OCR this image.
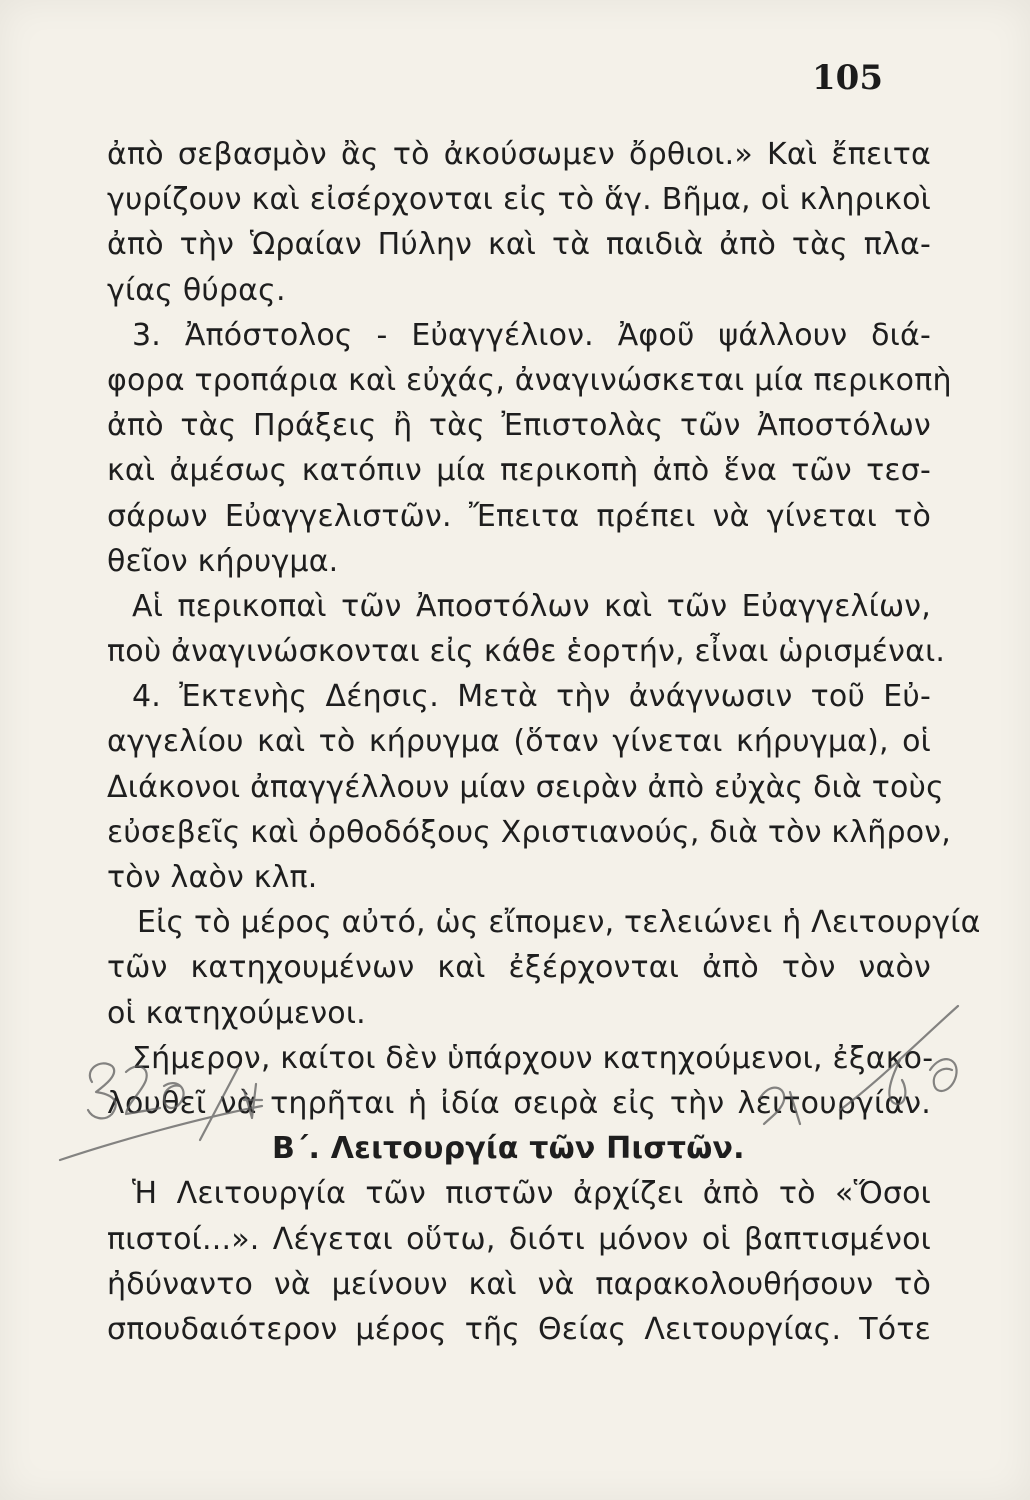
105
ἀπὸ σεβασμὸν ἂς τὸ ἀκούσωμεν ὄρθιοι.» Καὶ ἔπειτα
γυρίζουν καὶ εἰσέρχονται εἰς τὸ ἅγ. Βῆμα, οἱ κληρικοὶ
ἀπὸ τὴν Ὡραίαν Πύλην καὶ τὰ παιδιὰ ἀπὸ τὰς πλα-
γίας θύρας.
3. Ἀπόστολος - Εὐαγγέλιον. Ἀφοῦ ψάλλουν διά-
φορα τροπάρια καὶ εὐχάς, ἀναγινώσκεται μία περικοπὴ
ἀπὸ τὰς Πράξεις ἢ τὰς Ἐπιστολὰς τῶν Ἀποστόλων
καὶ ἀμέσως κατόπιν μία περικοπὴ ἀπὸ ἕνα τῶν τεσ-
σάρων Εὐαγγελιστῶν. Ἔπειτα πρέπει νὰ γίνεται τὸ
θεῖον κήρυγμα.
Αἱ περικοπαὶ τῶν Ἀποστόλων καὶ τῶν Εὐαγγελίων,
ποὺ ἀναγινώσκονται εἰς κάθε ἑορτήν, εἶναι ὡρισμέναι.
4. Ἐκτενὴς Δέησις. Μετὰ τὴν ἀνάγνωσιν τοῦ Εὐ-
αγγελίου καὶ τὸ κήρυγμα (ὅταν γίνεται κήρυγμα), οἱ
Διάκονοι ἀπαγγέλλουν μίαν σειρὰν ἀπὸ εὐχὰς διὰ τοὺς
εὐσεβεῖς καὶ ὀρθοδόξους Χριστιανούς, διὰ τὸν κλῆρον,
τὸν λαὸν κλπ.
Εἰς τὸ μέρος αὐτό, ὡς εἴπομεν, τελειώνει ἡ Λειτουργία
τῶν κατηχουμένων καὶ ἐξέρχονται ἀπὸ τὸν ναὸν
οἱ κατηχούμενοι.
Σήμερον, καίτοι δὲν ὑπάρχουν κατηχούμενοι, ἐξακο-
λουθεῖ νὰ τηρῆται ἡ ἰδία σειρὰ εἰς τὴν λειτουργίαν.
Β΄. Λειτουργία τῶν Πιστῶν.
Ἡ Λειτουργία τῶν πιστῶν ἀρχίζει ἀπὸ τὸ «Ὅσοι
πιστοί...». Λέγεται οὕτω, διότι μόνον οἱ βαπτισμένοι
ἠδύναντο νὰ μείνουν καὶ νὰ παρακολουθήσουν τὸ
σπουδαιότερον μέρος τῆς Θείας Λειτουργίας. Τότε
